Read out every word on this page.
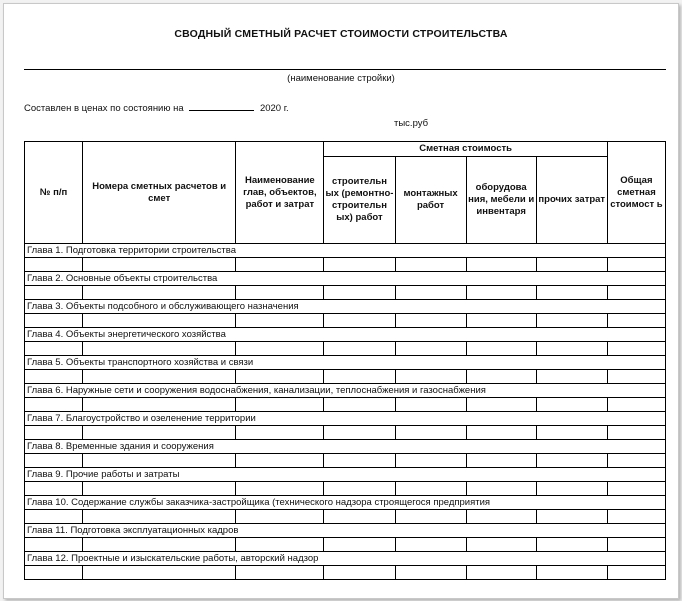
СВОДНЫЙ СМЕТНЫЙ РАСЧЕТ СТОИМОСТИ СТРОИТЕЛЬСТВА
(наименование стройки)
Составлен в ценах по состоянию на	2020 г.
тыс.руб
№ п/п	Номера сметных расчетов и смет	Наименование глав, объектов, работ и затрат	Сметная стоимость				Общая сметная стоимост ь
			строительн ых (ремонтно-строительн ых) работ	монтажных работ	оборудова ния, мебели и инвентаря	прочих затрат	
Глава 1. Подготовка территории строительства							

Глава 2. Основные объекты строительства							

Глава 3. Объекты подсобного и обслуживающего назначения							

Глава 4. Объекты энергетического хозяйства							

Глава 5. Объекты транспортного хозяйства и связи							

Глава 6. Наружные сети и сооружения водоснабжения, канализации, теплоснабжения и газоснабжения							

Глава 7. Благоустройство и озеленение территории							

Глава 8. Временные здания и сооружения							

Глава 9. Прочие работы и затраты							

Глава 10. Содержание службы заказчика-застройщика (технического надзора строящегося предприятия							

Глава 11. Подготовка эксплуатационных кадров							

Глава 12. Проектные и изыскательские работы, авторский надзор							
